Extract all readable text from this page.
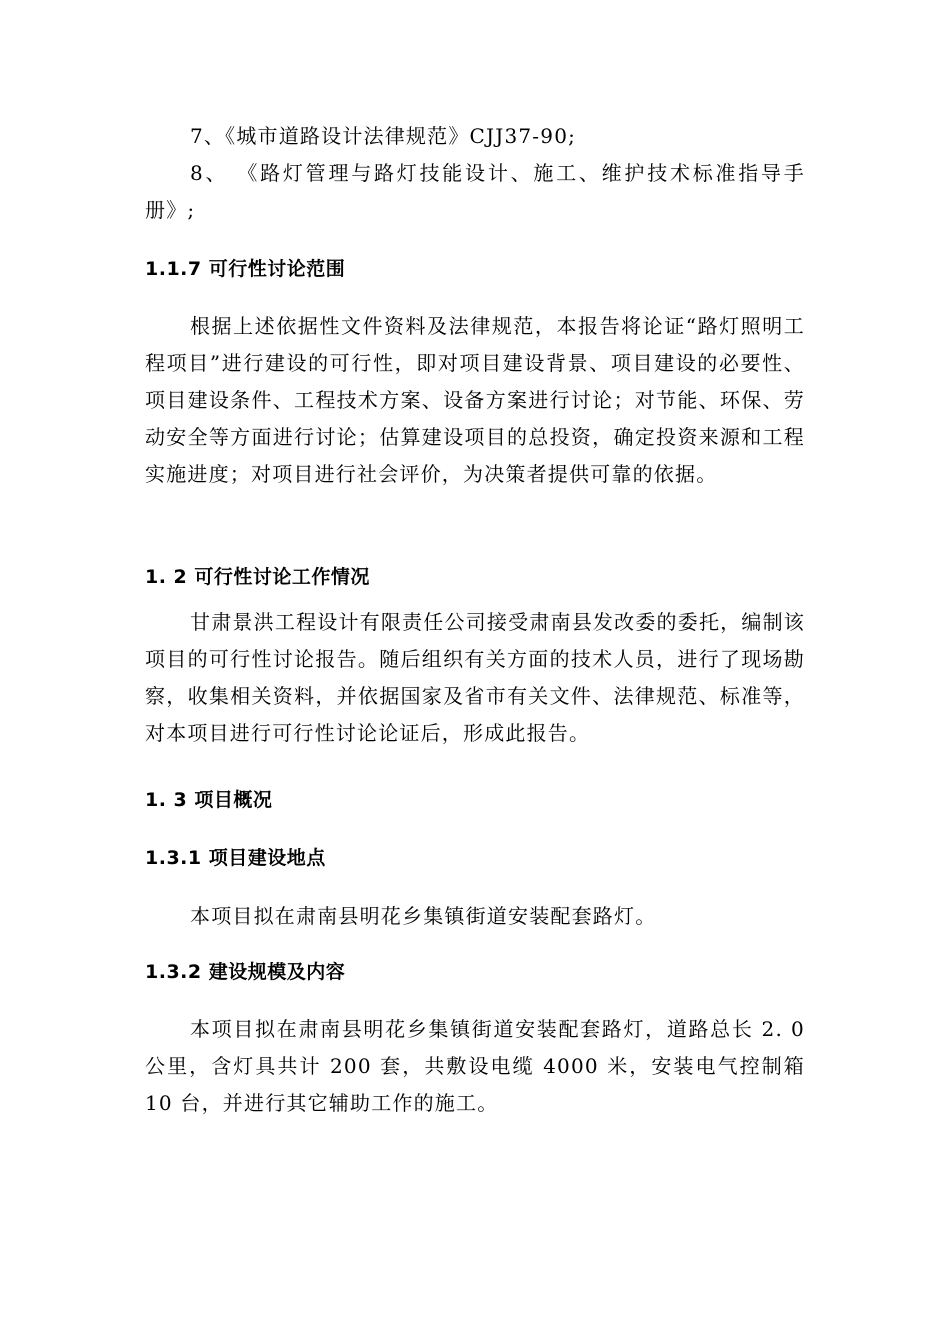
7、《城市道路设计法律规范》CJJ37-90;

8、 《路灯管理与路灯技能设计、施工、维护技术标准指导手册》;

1.1.7 可行性讨论范围

根据上述依据性文件资料及法律规范，本报告将论证“路灯照明工程项目”进行建设的可行性，即对项目建设背景、项目建设的必要性、项目建设条件、工程技术方案、设备方案进行讨论；对节能、环保、劳动安全等方面进行讨论；估算建设项目的总投资，确定投资来源和工程实施进度；对项目进行社会评价，为决策者提供可靠的依据。

1. 2 可行性讨论工作情况

甘肃景洪工程设计有限责任公司接受肃南县发改委的委托，编制该项目的可行性讨论报告。随后组织有关方面的技术人员，进行了现场勘察，收集相关资料，并依据国家及省市有关文件、法律规范、标准等，对本项目进行可行性讨论论证后，形成此报告。

1. 3 项目概况
1.3.1 项目建设地点

本项目拟在肃南县明花乡集镇街道安装配套路灯。

1.3.2 建设规模及内容

本项目拟在肃南县明花乡集镇街道安装配套路灯，道路总长 2. 0 公里，含灯具共计 200 套，共敷设电缆 4000 米，安装电气控制箱 10 台，并进行其它辅助工作的施工。
